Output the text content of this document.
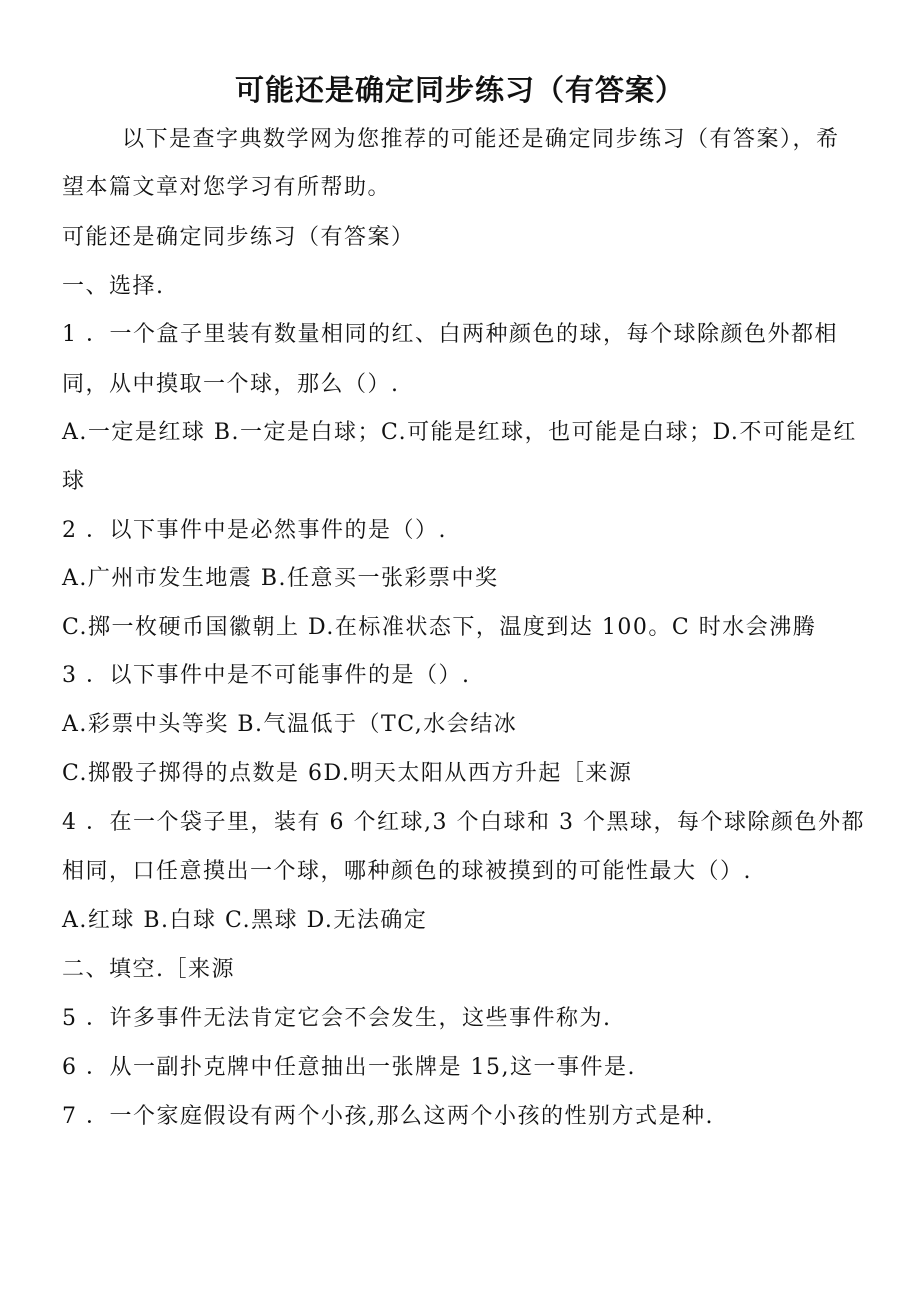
可能还是确定同步练习（有答案）
以下是查字典数学网为您推荐的可能还是确定同步练习（有答案），希
望本篇文章对您学习有所帮助。
可能还是确定同步练习（有答案）
一、选择.
1 ．一个盒子里装有数量相同的红、白两种颜色的球，每个球除颜色外都相
同，从中摸取一个球，那么（）.
A.一定是红球 B.一定是白球；C.可能是红球，也可能是白球；D.不可能是红
球
2 ．以下事件中是必然事件的是（）.
A.广州市发生地震 B.任意买一张彩票中奖
C.掷一枚硬币国徽朝上 D.在标准状态下，温度到达 100。C 时水会沸腾
3 ．以下事件中是不可能事件的是（）.
A.彩票中头等奖 B.气温低于（TC,水会结冰
C.掷骰子掷得的点数是 6D.明天太阳从西方升起［来源
4 ．在一个袋子里，装有 6 个红球,3 个白球和 3 个黑球，每个球除颜色外都
相同，口任意摸出一个球，哪种颜色的球被摸到的可能性最大（）.
A.红球 B.白球 C.黑球 D.无法确定
二、填空.［来源
5 ．许多事件无法肯定它会不会发生，这些事件称为.
6 ．从一副扑克牌中任意抽出一张牌是 15,这一事件是.
7 ．一个家庭假设有两个小孩,那么这两个小孩的性别方式是种.
